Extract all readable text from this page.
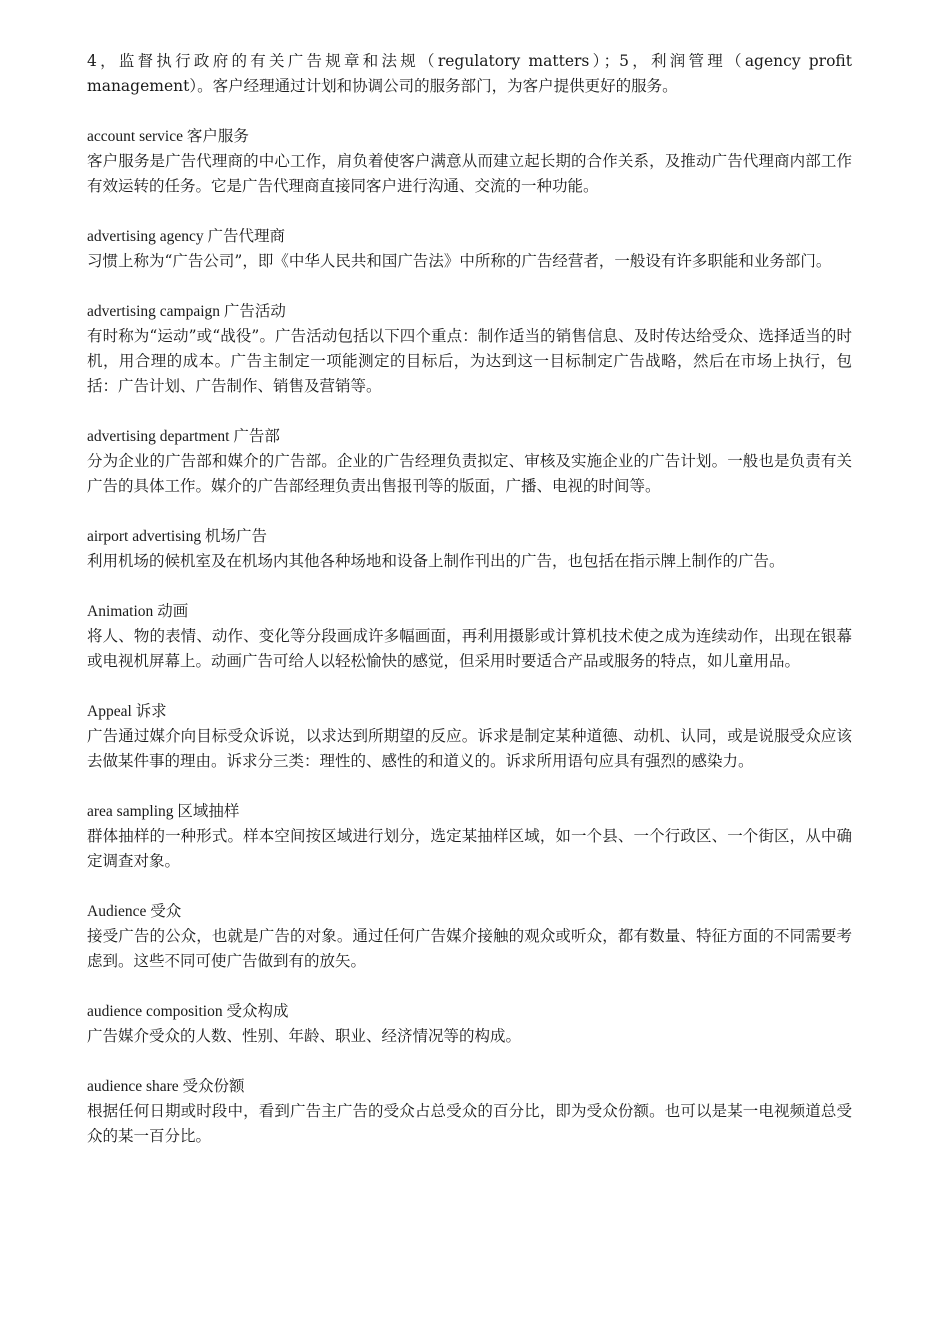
4，监督执行政府的有关广告规章和法规（regulatory matters）；5，利润管理（agency profit management）。客户经理通过计划和协调公司的服务部门，为客户提供更好的服务。

account service 客户服务

客户服务是广告代理商的中心工作，肩负着使客户满意从而建立起长期的合作关系，及推动广告代理商内部工作有效运转的任务。它是广告代理商直接同客户进行沟通、交流的一种功能。

advertising agency 广告代理商

习惯上称为“广告公司”，即《中华人民共和国广告法》中所称的广告经营者，一般设有许多职能和业务部门。

advertising campaign 广告活动

有时称为“运动”或“战役”。广告活动包括以下四个重点：制作适当的销售信息、及时传达给受众、选择适当的时机，用合理的成本。广告主制定一项能测定的目标后，为达到这一目标制定广告战略，然后在市场上执行，包括：广告计划、广告制作、销售及营销等。

advertising department 广告部

分为企业的广告部和媒介的广告部。企业的广告经理负责拟定、审核及实施企业的广告计划。一般也是负责有关广告的具体工作。媒介的广告部经理负责出售报刊等的版面，广播、电视的时间等。

airport advertising 机场广告

利用机场的候机室及在机场内其他各种场地和设备上制作刊出的广告，也包括在指示牌上制作的广告。

Animation 动画

将人、物的表情、动作、变化等分段画成许多幅画面，再利用摄影或计算机技术使之成为连续动作，出现在银幕或电视机屏幕上。动画广告可给人以轻松愉快的感觉，但采用时要适合产品或服务的特点，如儿童用品。

Appeal 诉求

广告通过媒介向目标受众诉说，以求达到所期望的反应。诉求是制定某种道德、动机、认同，或是说服受众应该去做某件事的理由。诉求分三类：理性的、感性的和道义的。诉求所用语句应具有强烈的感染力。

area sampling 区域抽样

群体抽样的一种形式。样本空间按区域进行划分，选定某抽样区域，如一个县、一个行政区、一个街区，从中确定调查对象。

Audience 受众

接受广告的公众，也就是广告的对象。通过任何广告媒介接触的观众或听众，都有数量、特征方面的不同需要考虑到。这些不同可使广告做到有的放矢。

audience composition 受众构成

广告媒介受众的人数、性别、年龄、职业、经济情况等的构成。

audience share 受众份额

根据任何日期或时段中，看到广告主广告的受众占总受众的百分比，即为受众份额。也可以是某一电视频道总受众的某一百分比。
